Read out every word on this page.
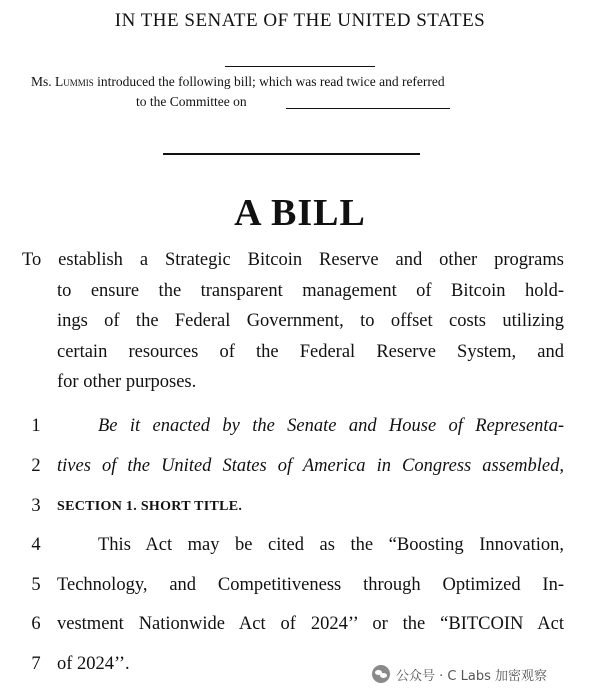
IN THE SENATE OF THE UNITED STATES
Ms. Lummis introduced the following bill; which was read twice and referred
to the Committee on
A BILL
To establish a Strategic Bitcoin Reserve and other programs
to ensure the transparent management of Bitcoin hold-
ings of the Federal Government, to offset costs utilizing
certain resources of the Federal Reserve System, and
for other purposes.
1	Be it enacted by the Senate and House of Representa-
2 tives of the United States of America in Congress assembled,
3 SECTION 1. SHORT TITLE.
4	This Act may be cited as the “Boosting Innovation,
5 Technology, and Competitiveness through Optimized In-
6 vestment Nationwide Act of 2024’’ or the “BITCOIN Act
7 of 2024’’.
公众号 · C Labs 加密观察
